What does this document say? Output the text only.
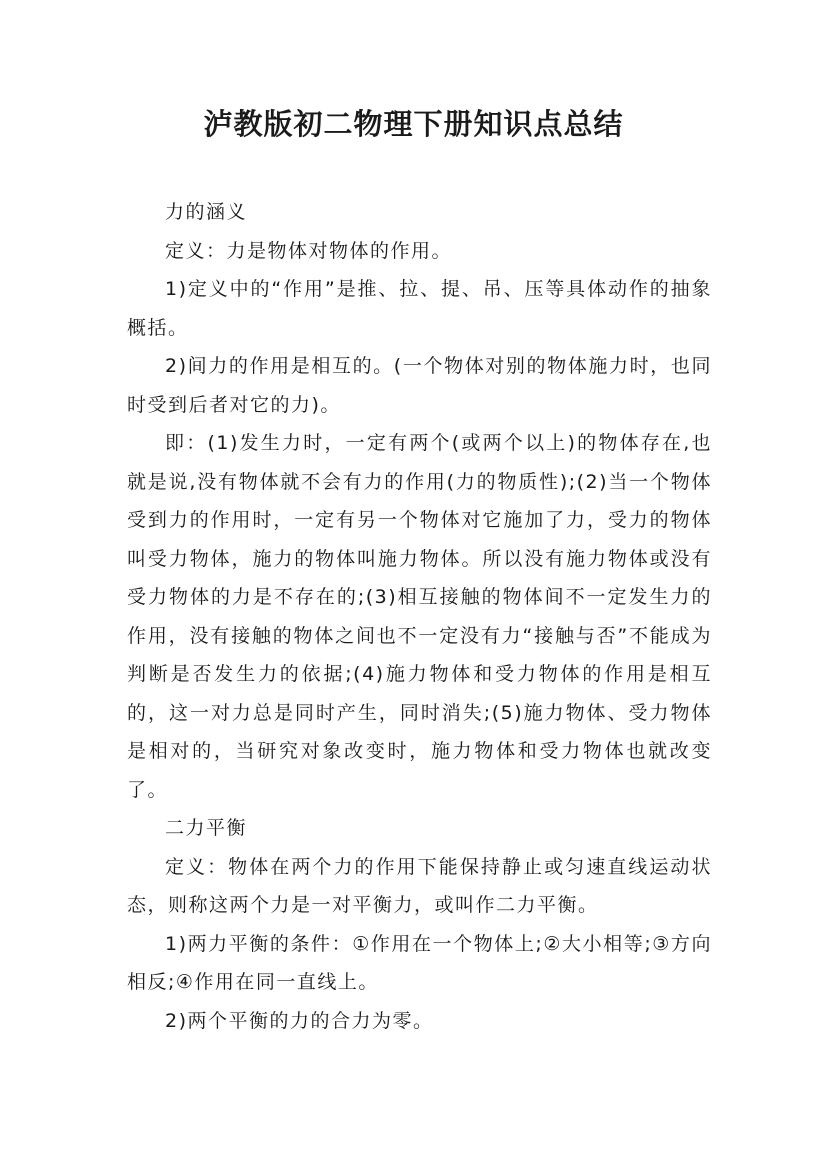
泸教版初二物理下册知识点总结

力的涵义

定义：力是物体对物体的作用。

1)定义中的“作用”是推、拉、提、吊、压等具体动作的抽象概括。

2)间力的作用是相互的。(一个物体对别的物体施力时，也同时受到后者对它的力)。

即：(1)发生力时，一定有两个(或两个以上)的物体存在,也就是说,没有物体就不会有力的作用(力的物质性);(2)当一个物体受到力的作用时，一定有另一个物体对它施加了力，受力的物体叫受力物体，施力的物体叫施力物体。所以没有施力物体或没有受力物体的力是不存在的;(3)相互接触的物体间不一定发生力的作用，没有接触的物体之间也不一定没有力“接触与否”不能成为判断是否发生力的依据;(4)施力物体和受力物体的作用是相互的，这一对力总是同时产生，同时消失;(5)施力物体、受力物体是相对的，当研究对象改变时，施力物体和受力物体也就改变了。

二力平衡

定义：物体在两个力的作用下能保持静止或匀速直线运动状态，则称这两个力是一对平衡力，或叫作二力平衡。

1)两力平衡的条件：①作用在一个物体上;②大小相等;③方向相反;④作用在同一直线上。

2)两个平衡的力的合力为零。
